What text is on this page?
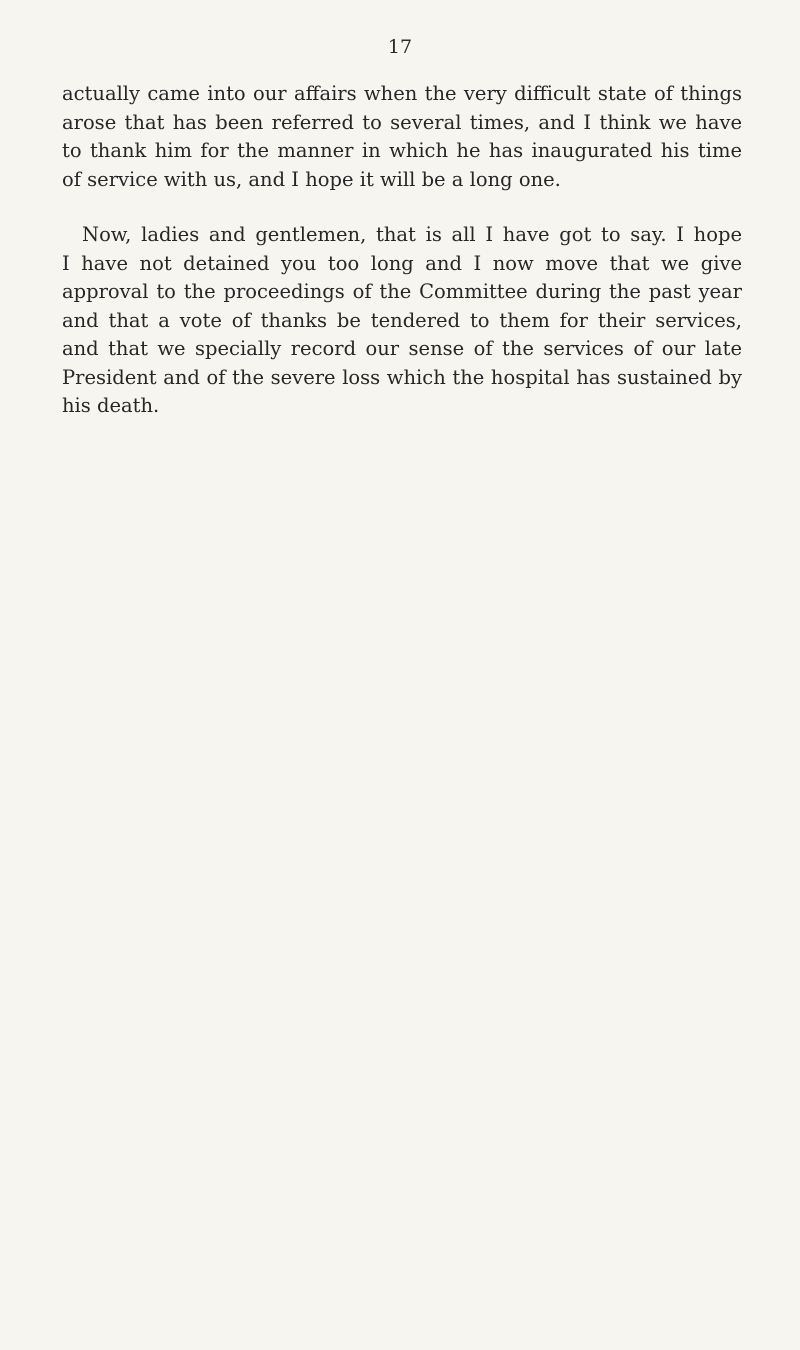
17

actually came into our affairs when the very difficult state of things
arose that has been referred to several times, and I think we have
to thank him for the manner in which he has inaugurated his time
of service with us, and I hope it will be a long one.

Now, ladies and gentlemen, that is all I have got to say. I hope
I have not detained you too long and I now move that we give
approval to the proceedings of the Committee during the past year
and that a vote of thanks be tendered to them for their services,
and that we specially record our sense of the services of our late
President and of the severe loss which the hospital has sustained by
his death.
